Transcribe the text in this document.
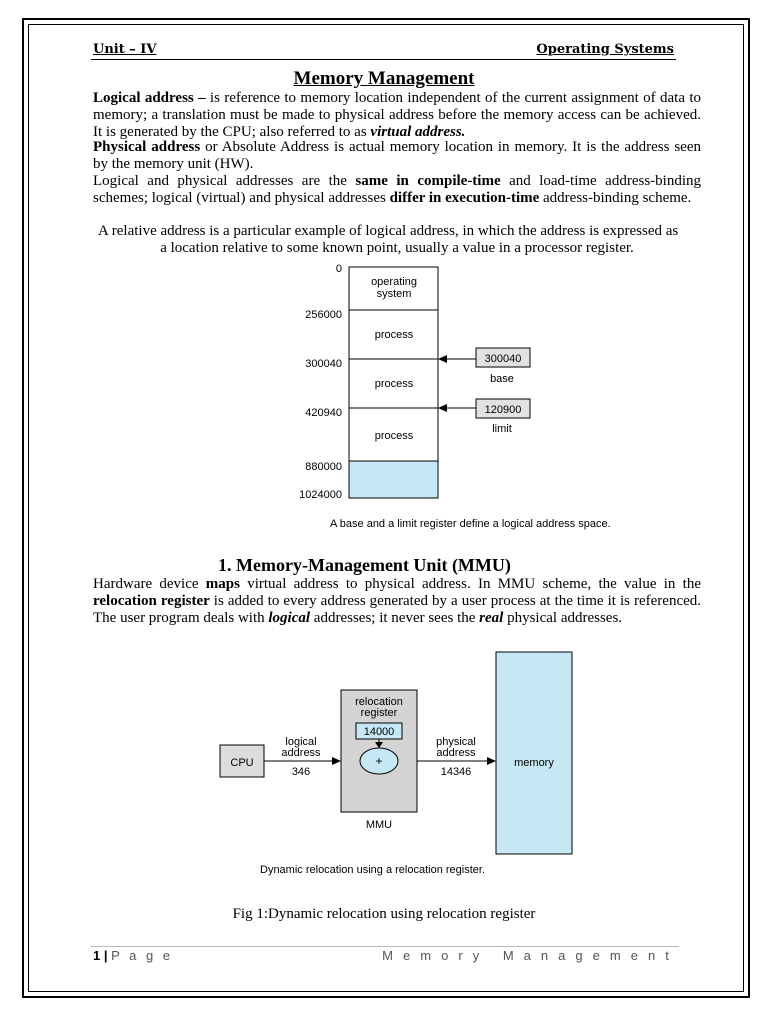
Unit – IV	Operating Systems
Memory Management
Logical address – is reference to memory location independent of the current assignment of data to memory; a translation must be made to physical address before the memory access can be achieved. It is generated by the CPU; also referred to as virtual address.
Physical address or Absolute Address is actual memory location in memory. It is the address seen by the memory unit (HW).
Logical and physical addresses are the same in compile-time and load-time address-binding schemes; logical (virtual) and physical addresses differ in execution-time address-binding scheme.
A relative address is a particular example of logical address, in which the address is expressed as
a location relative to some known point, usually a value in a processor register.
0
256000
300040
420940
880000
1024000
operating
system
process
process
process
300040
base
120900
limit
A base and a limit register define a logical address space.
1. Memory-Management Unit (MMU)
Hardware device maps virtual address to physical address. In MMU scheme, the value in the relocation register is added to every address generated by a user process at the time it is referenced. The user program deals with logical addresses; it never sees the real physical addresses.
CPU
logical
address
346
relocation
register
14000
+
MMU
physical
address
14346
memory
Dynamic relocation using a relocation register.
Fig 1:Dynamic relocation using relocation register
1 | P a g e	M e m o r y   M a n a g e m e n t
